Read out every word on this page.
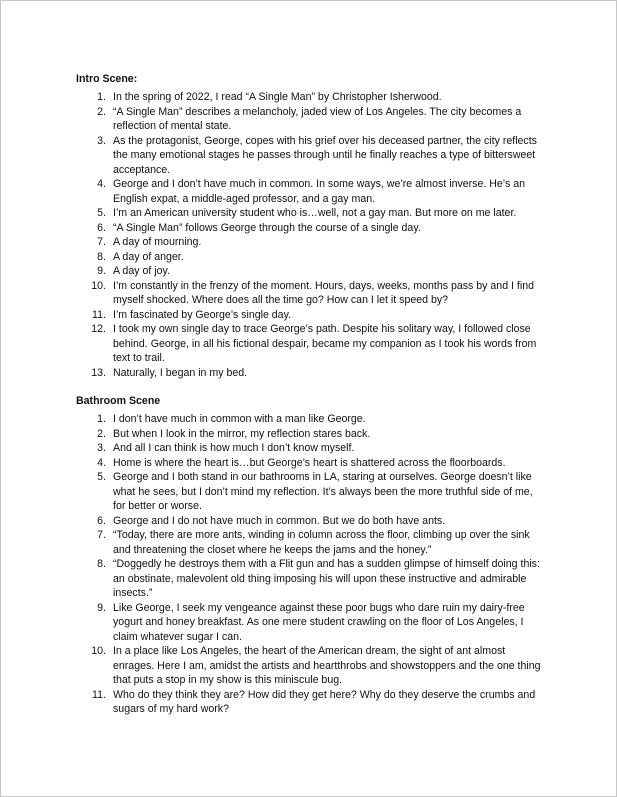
Intro Scene:
1. In the spring of 2022, I read “A Single Man” by Christopher Isherwood.
2. “A Single Man” describes a melancholy, jaded view of Los Angeles. The city becomes a reflection of mental state.
3. As the protagonist, George, copes with his grief over his deceased partner, the city reflects the many emotional stages he passes through until he finally reaches a type of bittersweet acceptance.
4. George and I don’t have much in common. In some ways, we’re almost inverse. He’s an English expat, a middle-aged professor, and a gay man.
5. I’m an American university student who is…well, not a gay man. But more on me later.
6. “A Single Man” follows George through the course of a single day.
7. A day of mourning.
8. A day of anger.
9. A day of joy.
10. I’m constantly in the frenzy of the moment. Hours, days, weeks, months pass by and I find myself shocked. Where does all the time go? How can I let it speed by?
11. I’m fascinated by George’s single day.
12. I took my own single day to trace George’s path. Despite his solitary way, I followed close behind. George, in all his fictional despair, became my companion as I took his words from text to trail.
13. Naturally, I began in my bed.
Bathroom Scene
1. I don’t have much in common with a man like George.
2. But when I look in the mirror, my reflection stares back.
3. And all I can think is how much I don’t know myself.
4. Home is where the heart is…but George’s heart is shattered across the floorboards.
5. George and I both stand in our bathrooms in LA, staring at ourselves. George doesn’t like what he sees, but I don’t mind my reflection. It’s always been the more truthful side of me, for better or worse.
6. George and I do not have much in common. But we do both have ants.
7. “Today, there are more ants, winding in column across the floor, climbing up over the sink and threatening the closet where he keeps the jams and the honey.”
8. “Doggedly he destroys them with a Flit gun and has a sudden glimpse of himself doing this: an obstinate, malevolent old thing imposing his will upon these instructive and admirable insects.”
9. Like George, I seek my vengeance against these poor bugs who dare ruin my dairy-free yogurt and honey breakfast. As one mere student crawling on the floor of Los Angeles, I claim whatever sugar I can.
10. In a place like Los Angeles, the heart of the American dream, the sight of ant almost enrages. Here I am, amidst the artists and heartthrobs and showstoppers and the one thing that puts a stop in my show is this miniscule bug.
11. Who do they think they are? How did they get here? Why do they deserve the crumbs and sugars of my hard work?
